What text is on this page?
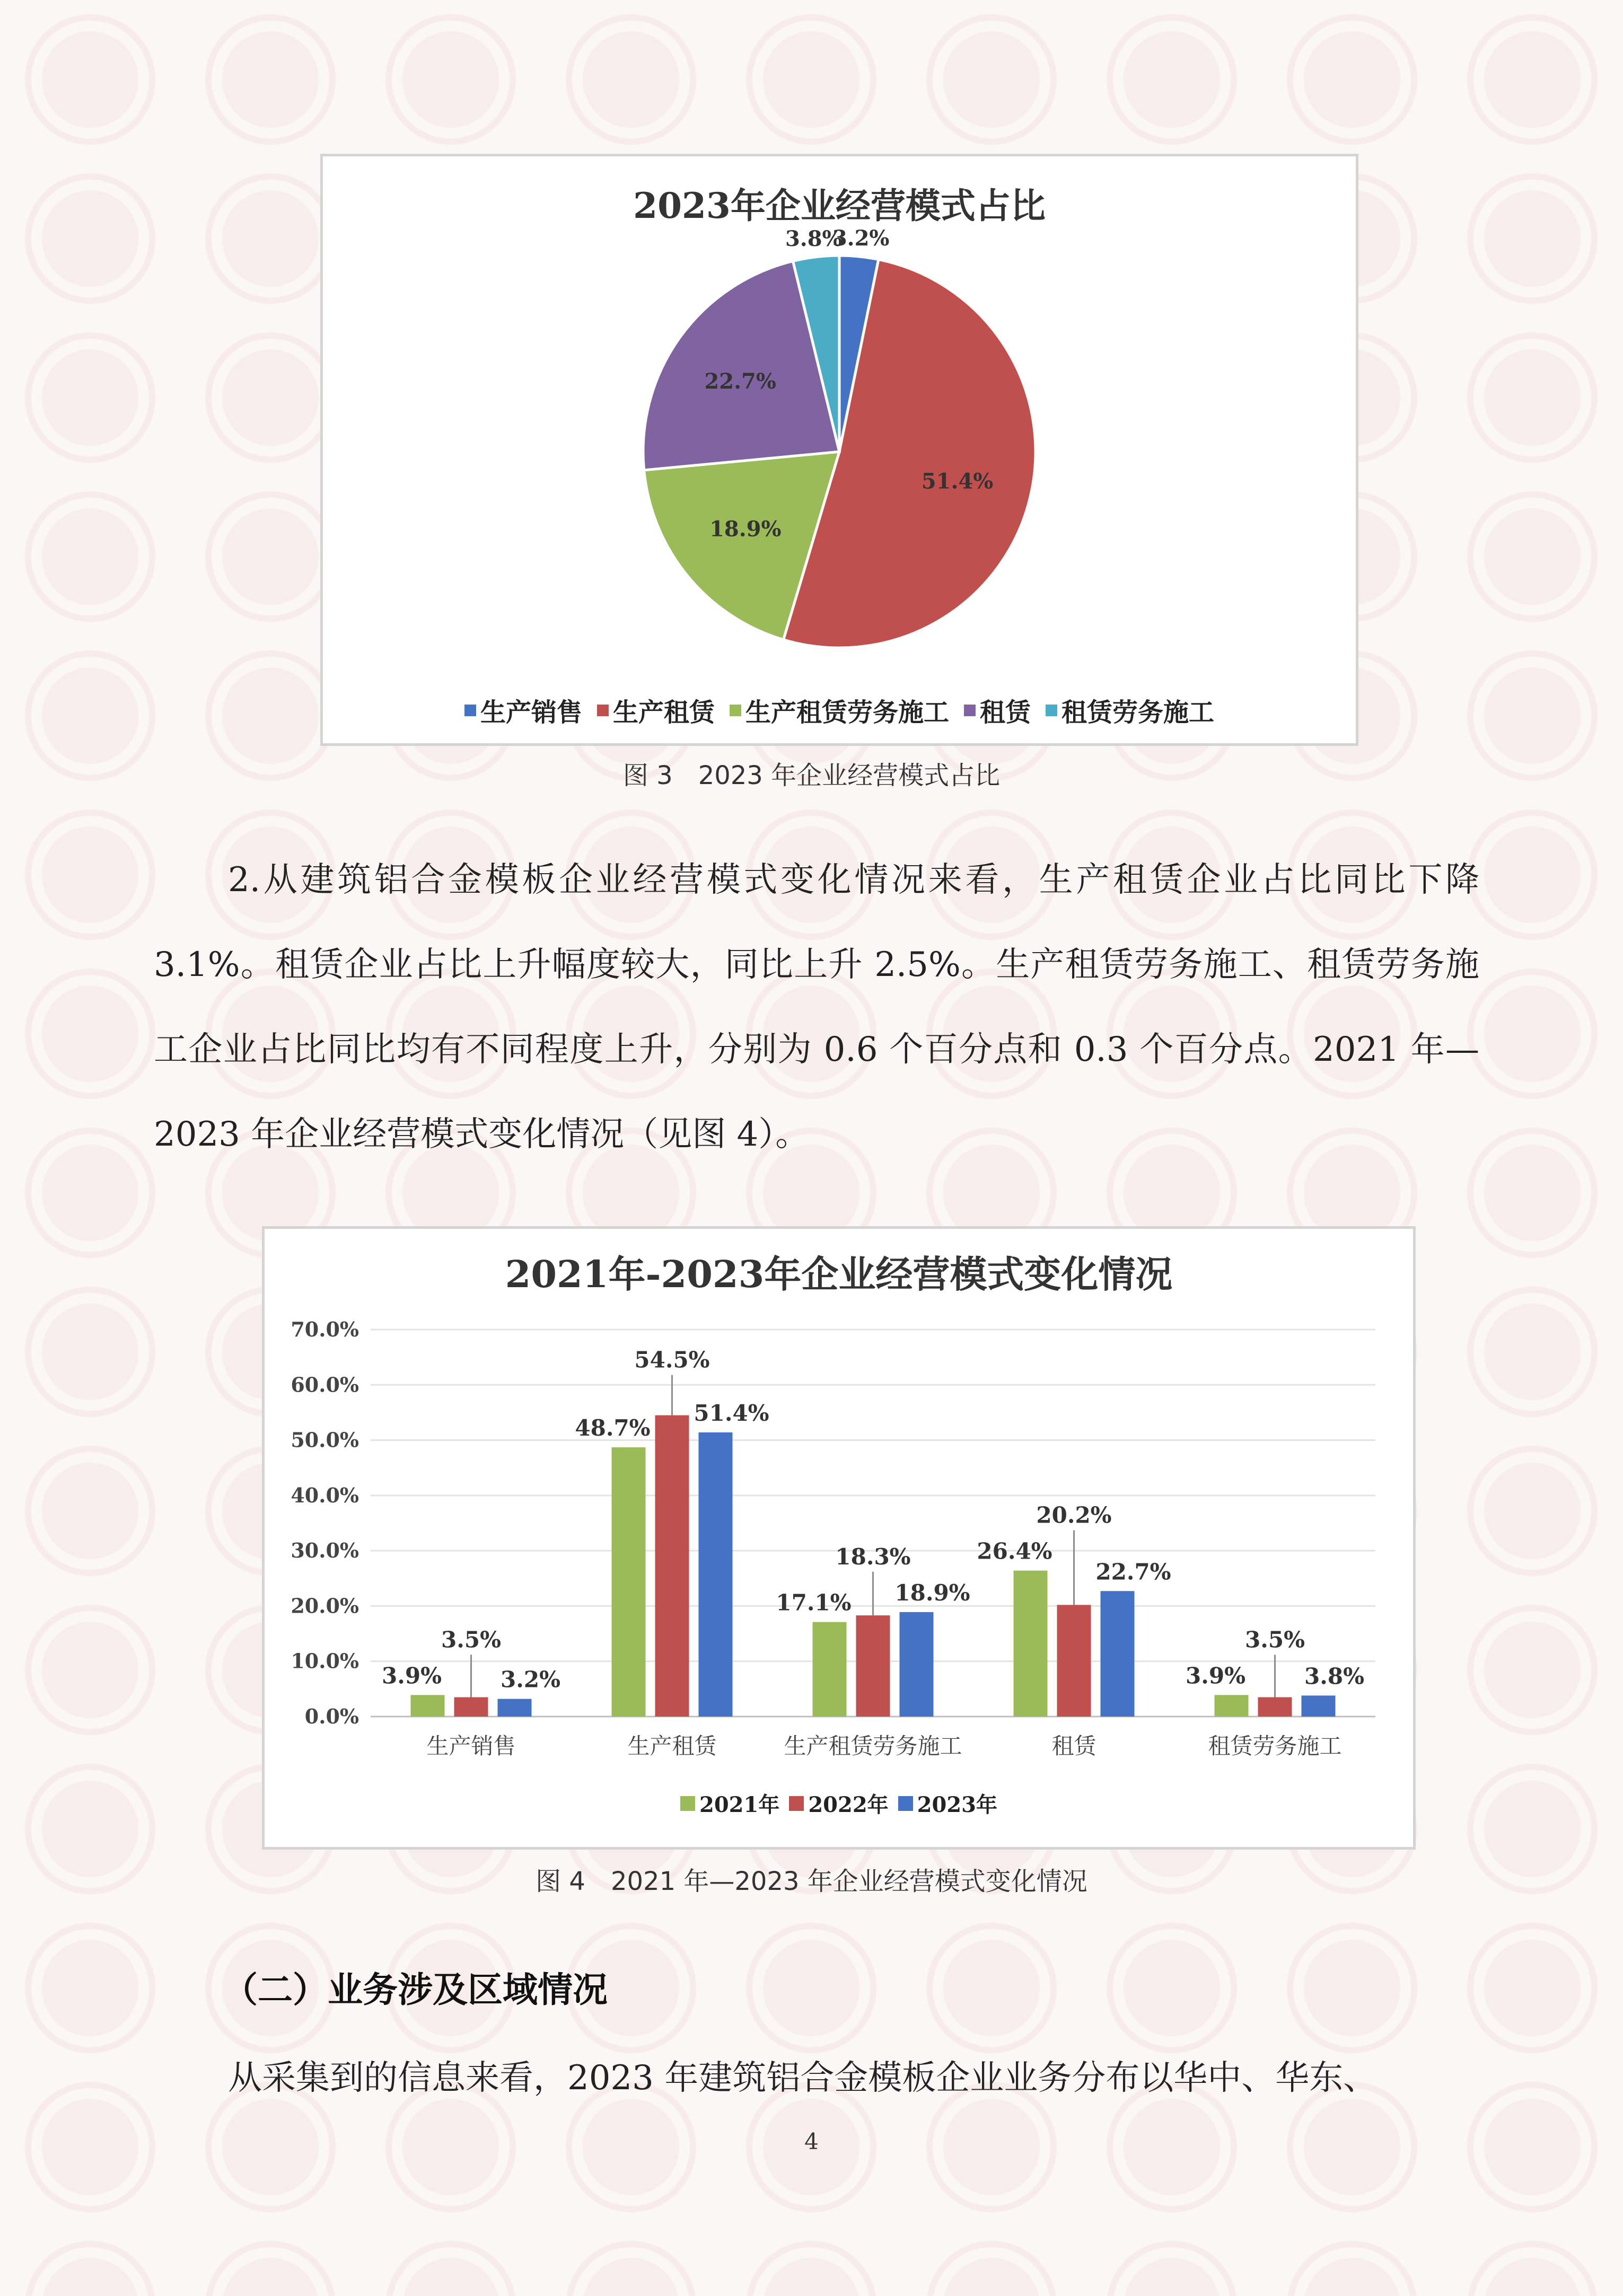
2023年企业经营模式占比
3.2%
51.4%
18.9%
22.7%
3.8%
生产销售 生产租赁 生产租赁劳务施工 租赁 租赁劳务施工
图 3　2023 年企业经营模式占比
2.从建筑铝合金模板企业经营模式变化情况来看，生产租赁企业占比同比下降 3.1%。租赁企业占比上升幅度较大，同比上升 2.5%。生产租赁劳务施工、租赁劳务施工企业占比同比均有不同程度上升，分别为 0.6 个百分点和 0.3 个百分点。2021 年—2023 年企业经营模式变化情况（见图 4）。
2021年-2023年企业经营模式变化情况
0.0%
10.0%
20.0%
30.0%
40.0%
50.0%
60.0%
70.0%
生产销售
3.9%
3.5%
3.2%
生产租赁
48.7%
54.5%
51.4%
生产租赁劳务施工
17.1%
18.3%
18.9%
租赁
26.4%
20.2%
22.7%
租赁劳务施工
3.9%
3.5%
3.8%
2021年 2022年 2023年
图 4　2021 年—2023 年企业经营模式变化情况
（二）业务涉及区域情况
从采集到的信息来看，2023 年建筑铝合金模板企业业务分布以华中、华东、
4
